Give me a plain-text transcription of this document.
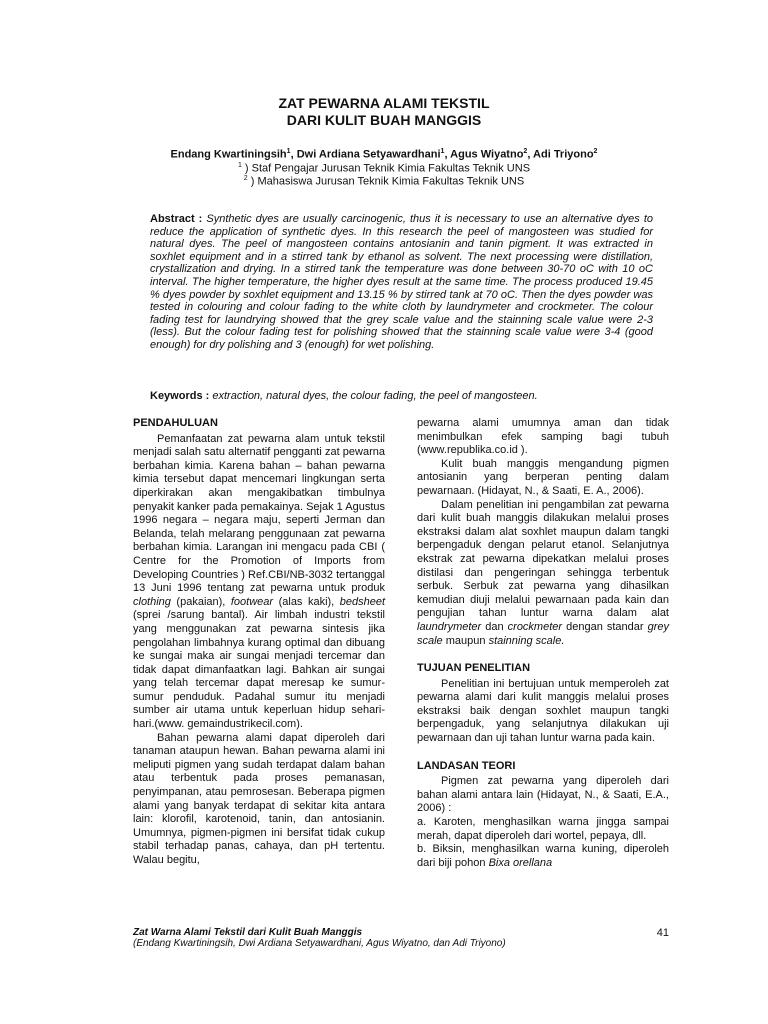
ZAT PEWARNA ALAMI TEKSTIL
DARI KULIT BUAH MANGGIS
Endang Kwartiningsih$^1$, Dwi Ardiana Setyawardhani$^1$, Agus Wiyatno$^2$, Adi Triyono$^2$
$^1$ ) Staf Pengajar Jurusan Teknik Kimia Fakultas Teknik UNS
$^2$ ) Mahasiswa Jurusan Teknik Kimia Fakultas Teknik UNS
Abstract : Synthetic dyes are usually carcinogenic, thus it is necessary to use an alternative dyes to reduce the application of synthetic dyes. In this research the peel of mangosteen was studied for natural dyes. The peel of mangosteen contains antosianin and tanin pigment. It was extracted in soxhlet equipment and in a stirred tank by ethanol as solvent. The next processing were distillation, crystallization and drying. In a stirred tank the temperature was done between 30-70 oC with 10 oC interval. The higher temperature, the higher dyes result at the same time. The process produced 19.45 % dyes powder by soxhlet equipment and 13.15 % by stirred tank at 70 oC. Then the dyes powder was tested in colouring and colour fading to the white cloth by laundrymeter and crockmeter. The colour fading test for laundrying showed that the grey scale value and the stainning scale value were 2-3 (less). But the colour fading test for polishing showed that the stainning scale value were 3-4 (good enough) for dry polishing and 3 (enough) for wet polishing.
Keywords : extraction, natural dyes, the colour fading, the peel of mangosteen.
PENDAHULUAN

Pemanfaatan zat pewarna alam untuk tekstil menjadi salah satu alternatif pengganti zat pewarna berbahan kimia. Karena bahan – bahan pewarna kimia tersebut dapat mencemari lingkungan serta diperkirakan akan mengakibatkan timbulnya penyakit kanker pada pemakainya. Sejak 1 Agustus 1996 negara – negara maju, seperti Jerman dan Belanda, telah melarang penggunaan zat pewarna berbahan kimia. Larangan ini mengacu pada CBI ( Centre for the Promotion of Imports from Developing Countries ) Ref.CBI/NB-3032 tertanggal 13 Juni 1996 tentang zat pewarna untuk produk clothing (pakaian), footwear (alas kaki), bedsheet (sprei /sarung bantal). Air limbah industri tekstil yang menggunakan zat pewarna sintesis jika pengolahan limbahnya kurang optimal dan dibuang ke sungai maka air sungai menjadi tercemar dan tidak dapat dimanfaatkan lagi. Bahkan air sungai yang telah tercemar dapat meresap ke sumur-sumur penduduk. Padahal sumur itu menjadi sumber air utama untuk keperluan hidup sehari-hari.(www. gemaindustrikecil.com).

Bahan pewarna alami dapat diperoleh dari tanaman ataupun hewan. Bahan pewarna alami ini meliputi pigmen yang sudah terdapat dalam bahan atau terbentuk pada proses pemanasan, penyimpanan, atau pemrosesan. Beberapa pigmen alami yang banyak terdapat di sekitar kita antara lain: klorofil, karotenoid, tanin, dan antosianin. Umumnya, pigmen-pigmen ini bersifat tidak cukup stabil terhadap panas, cahaya, dan pH tertentu. Walau begitu,

pewarna alami umumnya aman dan tidak menimbulkan efek samping bagi tubuh (www.republika.co.id ).

Kulit buah manggis mengandung pigmen antosianin yang berperan penting dalam pewarnaan. (Hidayat, N., & Saati, E. A., 2006).

Dalam penelitian ini pengambilan zat pewarna dari kulit buah manggis dilakukan melalui proses ekstraksi dalam alat soxhlet maupun dalam tangki berpengaduk dengan pelarut etanol. Selanjutnya ekstrak zat pewarna dipekatkan melalui proses distilasi dan pengeringan sehingga terbentuk serbuk. Serbuk zat pewarna yang dihasilkan kemudian diuji melalui pewarnaan pada kain dan pengujian tahan luntur warna dalam alat laundrymeter dan crockmeter dengan standar grey scale maupun stainning scale.

TUJUAN PENELITIAN

Penelitian ini bertujuan untuk memperoleh zat pewarna alami dari kulit manggis melalui proses ekstraksi baik dengan soxhlet maupun tangki berpengaduk, yang selanjutnya dilakukan uji pewarnaan dan uji tahan luntur warna pada kain.

LANDASAN TEORI

Pigmen zat pewarna yang diperoleh dari bahan alami antara lain (Hidayat, N., & Saati, E.A., 2006) :

a. Karoten, menghasilkan warna jingga sampai merah, dapat diperoleh dari wortel, pepaya, dll.

b. Biksin, menghasilkan warna kuning, diperoleh dari biji pohon Bixa orellana

Zat Warna Alami Tekstil dari Kulit Buah Manggis
(Endang Kwartiningsih, Dwi Ardiana Setyawardhani, Agus Wiyatno, dan Adi Triyono)
41
